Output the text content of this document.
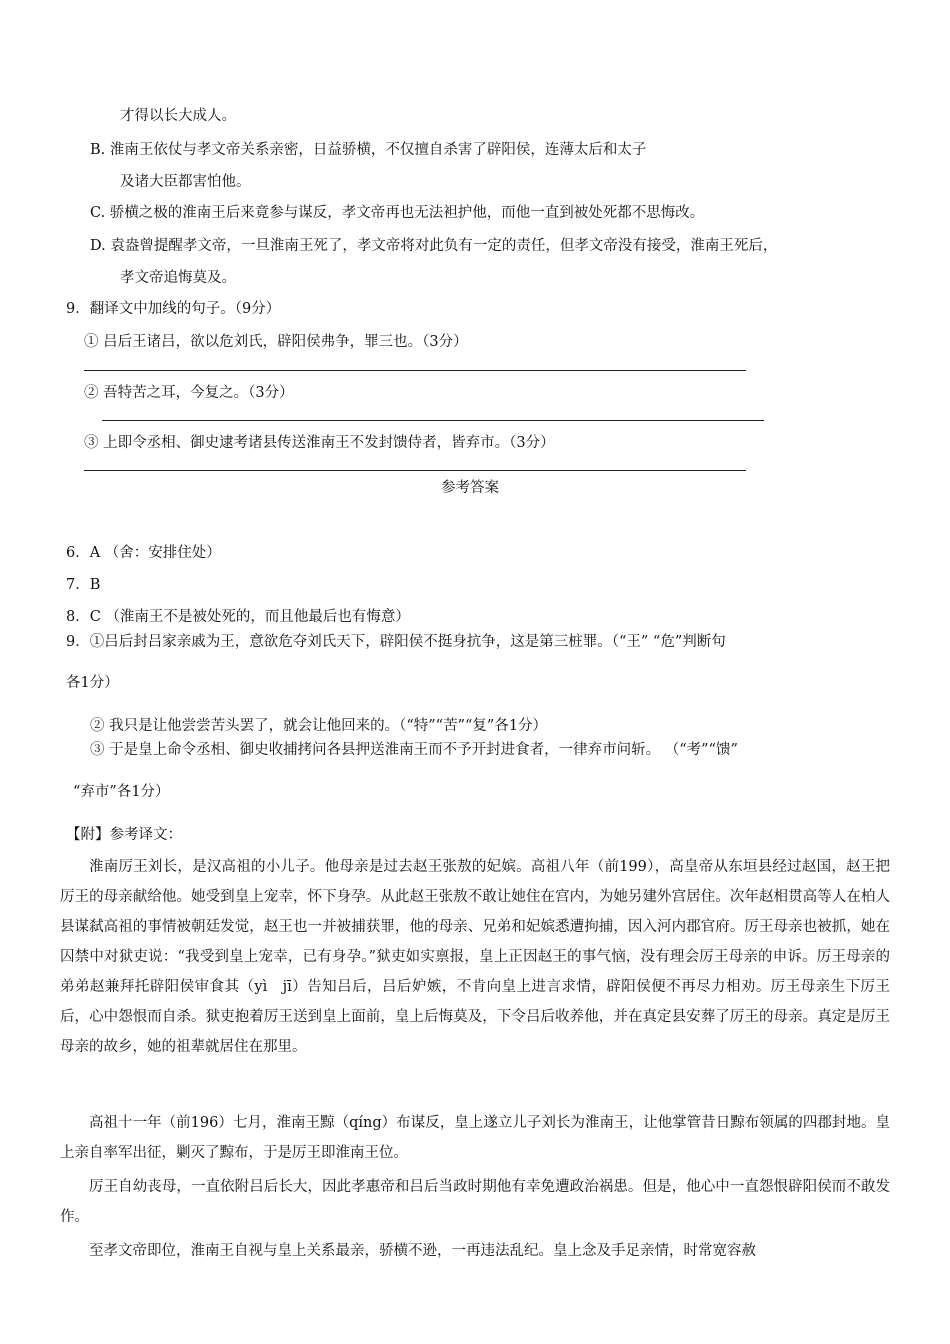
才得以长大成人。
B. 淮南王依仗与孝文帝关系亲密，日益骄横，不仅擅自杀害了辟阳侯，连薄太后和太子
及诸大臣都害怕他。
C. 骄横之极的淮南王后来竟参与谋反，孝文帝再也无法袒护他，而他一直到被处死都不思悔改。
D. 袁盎曾提醒孝文帝，一旦淮南王死了，孝文帝将对此负有一定的责任，但孝文帝没有接受，淮南王死后，
孝文帝追悔莫及。
9．翻译文中加线的句子。（9分）
① 吕后王诸吕，欲以危刘氏，辟阳侯弗争，罪三也。（3分）
② 吾特苦之耳，今复之。（3分）
③ 上即令丞相、御史逮考诸县传送淮南王不发封馈侍者，皆弃市。（3分）
参考答案
6．A （舍：安排住处）
7．B
8．C （淮南王不是被处死的，而且他最后也有悔意）
9．①吕后封吕家亲戚为王，意欲危夺刘氏天下，辟阳侯不挺身抗争，这是第三桩罪。（“王” “危”判断句
各1分）
② 我只是让他尝尝苦头罢了，就会让他回来的。（“特”“苦”“复”各1分）
③ 于是皇上命令丞相、御史收捕拷问各县押送淮南王而不予开封进食者，一律弃市问斩。 （“考”“馈”
“弃市”各1分）
【附】参考译文：
淮南厉王刘长，是汉高祖的小儿子。他母亲是过去赵王张敖的妃嫔。高祖八年（前199），高皇帝从东垣县经过赵国，赵王把厉王的母亲献给他。她受到皇上宠幸，怀下身孕。从此赵王张敖不敢让她住在宫内，为她另建外宫居住。次年赵相贯高等人在柏人县谋弑高祖的事情被朝廷发觉，赵王也一并被捕获罪，他的母亲、兄弟和妃嫔悉遭拘捕，因入河内郡官府。厉王母亲也被抓，她在囚禁中对狱吏说：“我受到皇上宠幸，已有身孕。”狱吏如实禀报，皇上正因赵王的事气恼，没有理会厉王母亲的申诉。厉王母亲的弟弟赵兼拜托辟阳侯审食其（yì　jī）告知吕后，吕后妒嫉，不肯向皇上进言求情，辟阳侯便不再尽力相劝。厉王母亲生下厉王后，心中怨恨而自杀。狱吏抱着厉王送到皇上面前，皇上后悔莫及，下令吕后收养他，并在真定县安葬了厉王的母亲。真定是厉王母亲的故乡，她的祖辈就居住在那里。
高祖十一年（前196）七月，淮南王黥（qíng）布谋反，皇上遂立儿子刘长为淮南王，让他掌管昔日黥布领属的四郡封地。皇上亲自率军出征，剿灭了黥布，于是厉王即淮南王位。
厉王自幼丧母，一直依附吕后长大，因此孝惠帝和吕后当政时期他有幸免遭政治祸患。但是，他心中一直怨恨辟阳侯而不敢发作。
至孝文帝即位，淮南王自视与皇上关系最亲，骄横不逊，一再违法乱纪。皇上念及手足亲情，时常宽容赦
